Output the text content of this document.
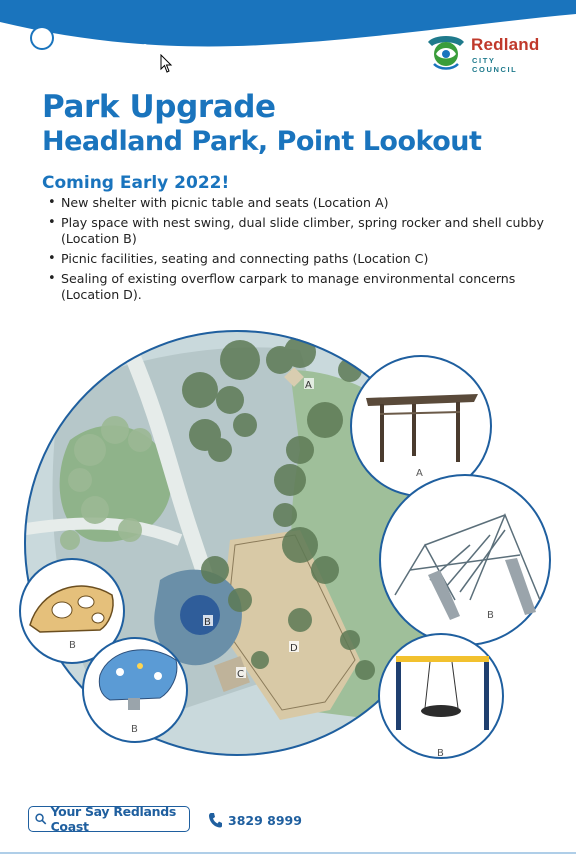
Redland
CITY COUNCIL
Park Upgrade
Headland Park, Point Lookout
Coming Early 2022!
• New shelter with picnic table and seats (Location A)
• Play space with nest swing, dual slide climber, spring rocker and shell cubby (Location B)
• Picnic facilities, seating and connecting paths (Location C)
• Sealing of existing overflow carpark to manage environmental concerns (Location D).
A
B
C
D
A
B
B
B
B
Your Say Redlands Coast	3829 8999
